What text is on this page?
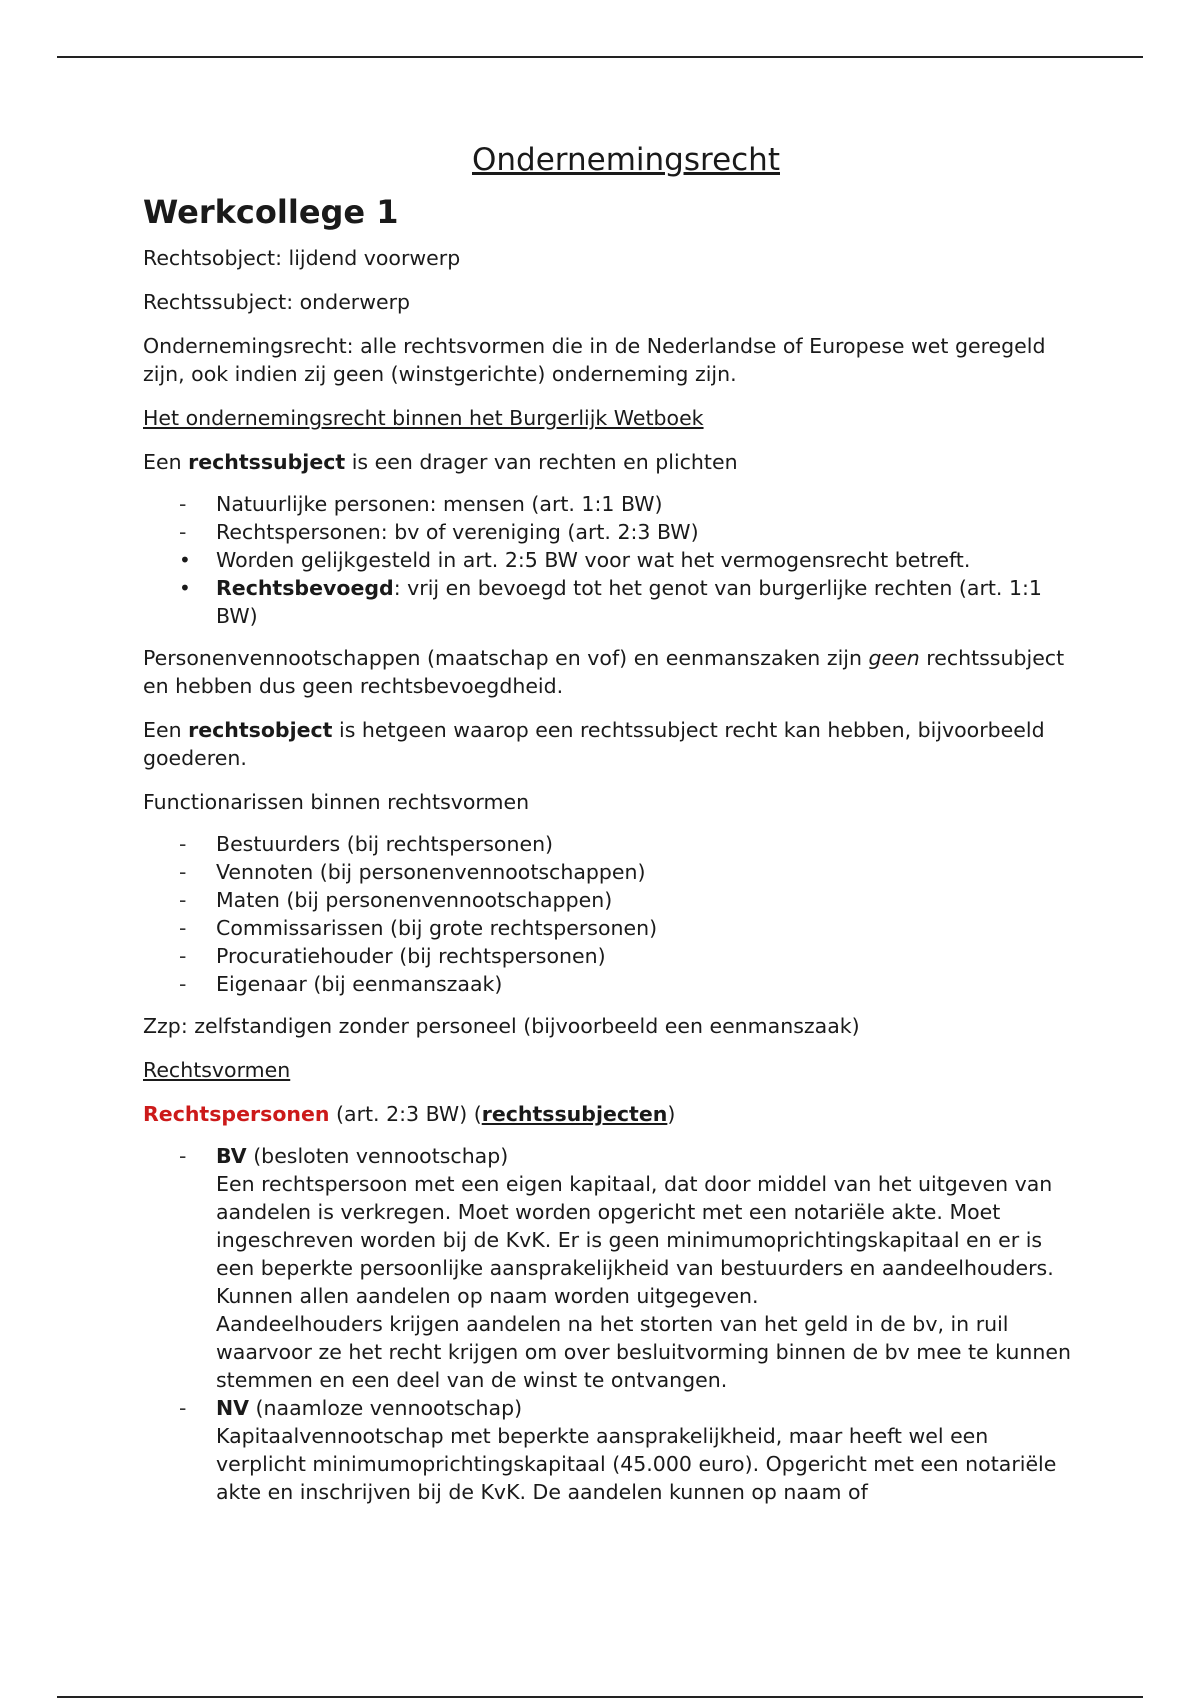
Ondernemingsrecht
Werkcollege 1

Rechtsobject: lijdend voorwerp

Rechtssubject: onderwerp

Ondernemingsrecht: alle rechtsvormen die in de Nederlandse of Europese wet geregeld zijn, ook indien zij geen (winstgerichte) onderneming zijn.

Het ondernemingsrecht binnen het Burgerlijk Wetboek

Een rechtssubject is een drager van rechten en plichten

- Natuurlijke personen: mensen (art. 1:1 BW)
- Rechtspersonen: bv of vereniging (art. 2:3 BW)
• Worden gelijkgesteld in art. 2:5 BW voor wat het vermogensrecht betreft.
• Rechtsbevoegd: vrij en bevoegd tot het genot van burgerlijke rechten (art. 1:1 BW)

Personenvennootschappen (maatschap en vof) en eenmanszaken zijn geen rechtssubject en hebben dus geen rechtsbevoegdheid.

Een rechtsobject is hetgeen waarop een rechtssubject recht kan hebben, bijvoorbeeld goederen.

Functionarissen binnen rechtsvormen

- Bestuurders (bij rechtspersonen)
- Vennoten (bij personenvennootschappen)
- Maten (bij personenvennootschappen)
- Commissarissen (bij grote rechtspersonen)
- Procuratiehouder (bij rechtspersonen)
- Eigenaar (bij eenmanszaak)

Zzp: zelfstandigen zonder personeel (bijvoorbeeld een eenmanszaak)

Rechtsvormen

Rechtspersonen (art. 2:3 BW) (rechtssubjecten)

- BV (besloten vennootschap)
Een rechtspersoon met een eigen kapitaal, dat door middel van het uitgeven van aandelen is verkregen. Moet worden opgericht met een notariële akte. Moet ingeschreven worden bij de KvK. Er is geen minimumoprichtingskapitaal en er is een beperkte persoonlijke aansprakelijkheid van bestuurders en aandeelhouders. Kunnen allen aandelen op naam worden uitgegeven.
Aandeelhouders krijgen aandelen na het storten van het geld in de bv, in ruil waarvoor ze het recht krijgen om over besluitvorming binnen de bv mee te kunnen stemmen en een deel van de winst te ontvangen.
- NV (naamloze vennootschap)
Kapitaalvennootschap met beperkte aansprakelijkheid, maar heeft wel een verplicht minimumoprichtingskapitaal (45.000 euro). Opgericht met een notariële akte en inschrijven bij de KvK. De aandelen kunnen op naam of
